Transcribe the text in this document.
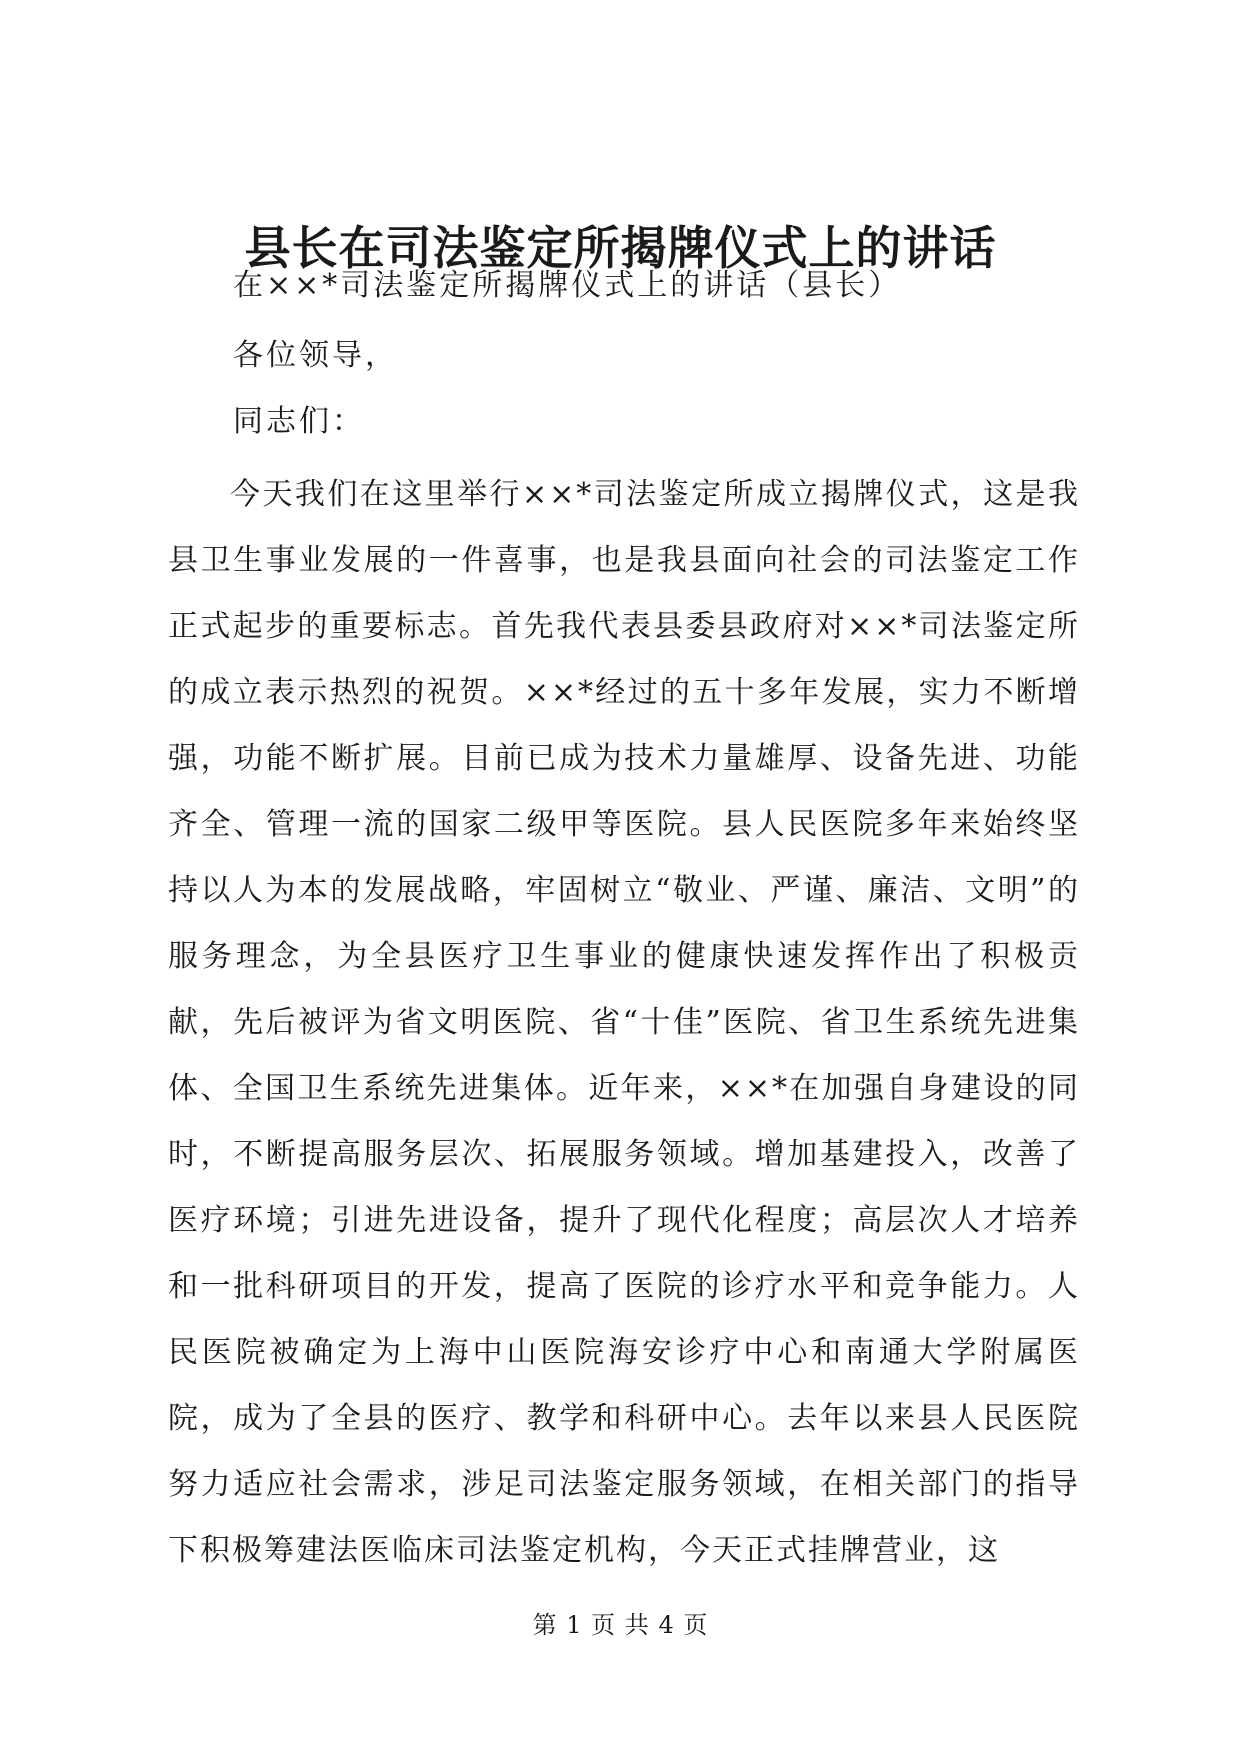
县长在司法鉴定所揭牌仪式上的讲话
在××*司法鉴定所揭牌仪式上的讲话（县长）
各位领导，
同志们：
今天我们在这里举行××*司法鉴定所成立揭牌仪式，这是我县卫生事业发展的一件喜事，也是我县面向社会的司法鉴定工作正式起步的重要标志。首先我代表县委县政府对××*司法鉴定所的成立表示热烈的祝贺。××*经过的五十多年发展，实力不断增强，功能不断扩展。目前已成为技术力量雄厚、设备先进、功能齐全、管理一流的国家二级甲等医院。县人民医院多年来始终坚持以人为本的发展战略，牢固树立“敬业、严谨、廉洁、文明”的服务理念，为全县医疗卫生事业的健康快速发挥作出了积极贡献，先后被评为省文明医院、省“十佳”医院、省卫生系统先进集体、全国卫生系统先进集体。近年来，××*在加强自身建设的同时，不断提高服务层次、拓展服务领域。增加基建投入，改善了医疗环境；引进先进设备，提升了现代化程度；高层次人才培养和一批科研项目的开发，提高了医院的诊疗水平和竞争能力。人民医院被确定为上海中山医院海安诊疗中心和南通大学附属医院，成为了全县的医疗、教学和科研中心。去年以来县人民医院努力适应社会需求，涉足司法鉴定服务领域，在相关部门的指导下积极筹建法医临床司法鉴定机构，今天正式挂牌营业，这
第 1 页 共 4 页
